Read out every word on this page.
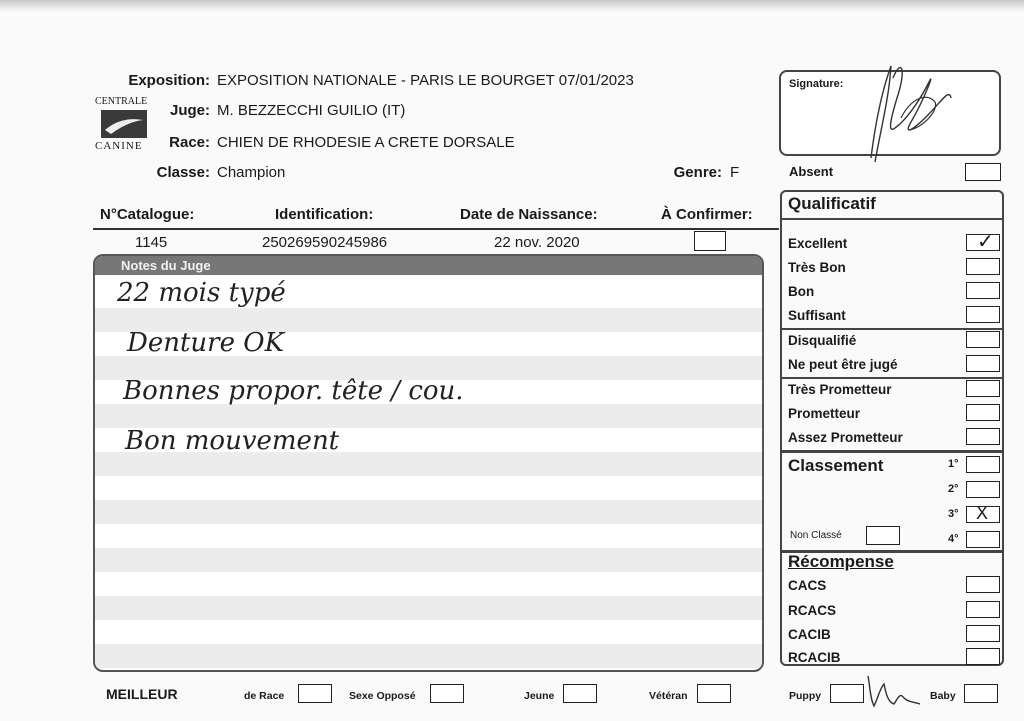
CENTRALE
CANINE
Exposition: EXPOSITION NATIONALE - PARIS LE BOURGET 07/01/2023
Juge: M. BEZZECCHI GUILIO (IT)
Race: CHIEN DE RHODESIE A CRETE DORSALE
Classe: Champion	Genre: F
Signature:
Absent
N°Catalogue:	Identification:	Date de Naissance:	À Confirmer:
1145	250269590245986	22 nov. 2020
Notes du Juge
22 mois typé
Denture OK
Bonnes propor. tête / cou.
Bon mouvement
Qualificatif
Excellent	✓
Très Bon
Bon
Suffisant
Disqualifié
Ne peut être jugé
Très Prometteur
Prometteur
Assez Prometteur
Classement	1°
2°
3° X
Non Classé	4°
Récompense
CACS
RCACS
CACIB
RCACIB
MEILLEUR	de Race	Sexe Opposé	Jeune	Vétéran	Puppy	Baby
